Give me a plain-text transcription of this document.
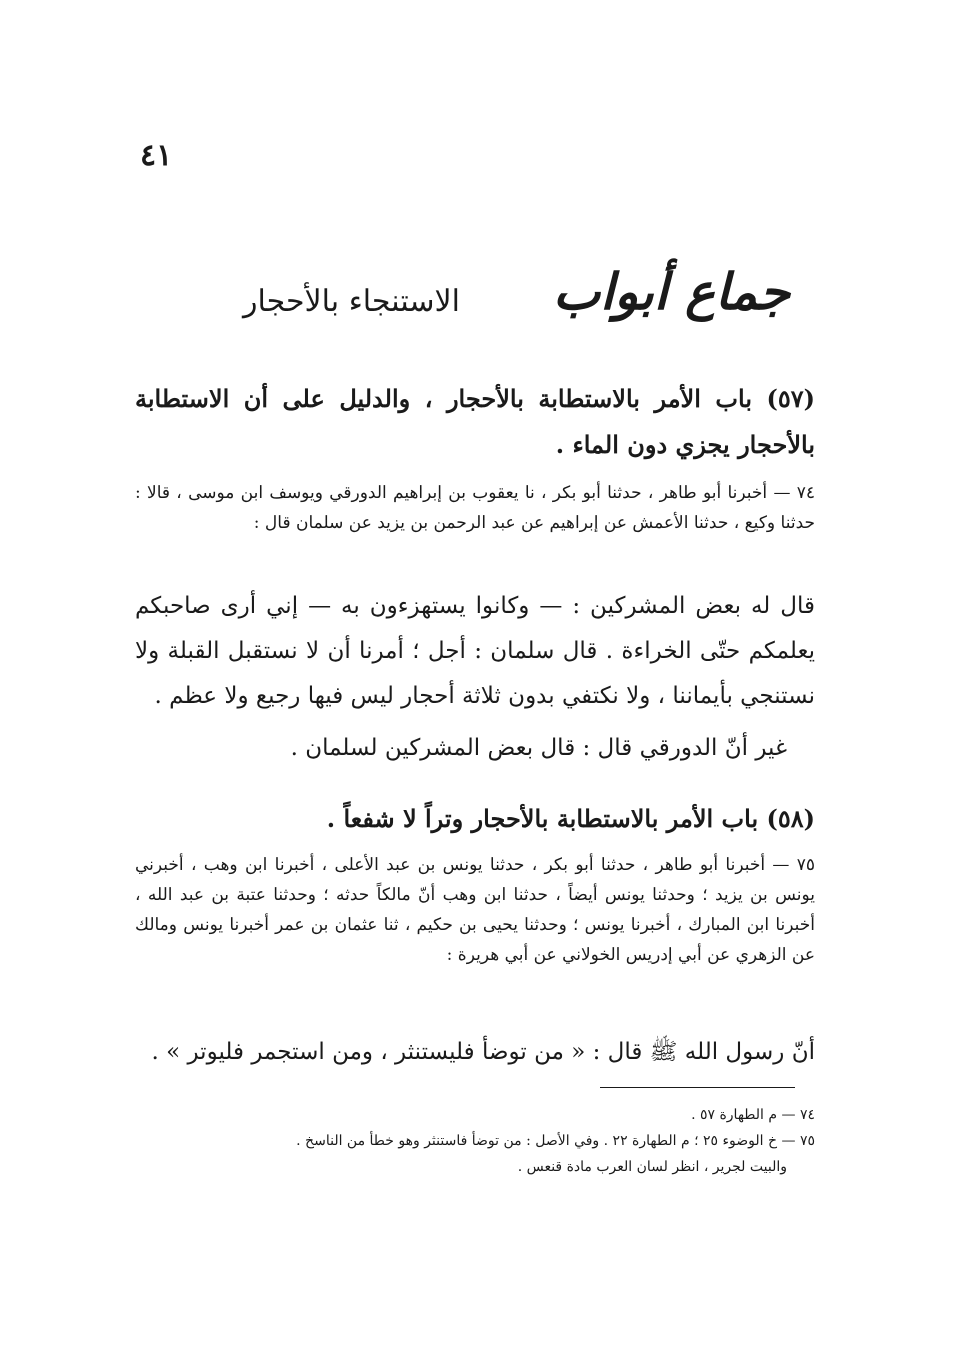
٤١
جماع أبواب
الاستنجاء بالأحجار
(٥٧) باب الأمر بالاستطابة بالأحجار ، والدليل على أن الاستطابة بالأحجار يجزي دون الماء .
٧٤ — أخبرنا أبو طاهر ، حدثنا أبو بكر ، نا يعقوب بن إبراهيم الدورقي ويوسف ابن موسى ، قالا : حدثنا وكيع ، حدثنا الأعمش عن إبراهيم عن عبد الرحمن بن يزيد عن سلمان قال :
قال له بعض المشركين : — وكانوا يستهزءون به — إني أرى صاحبكم يعلمكم حتّى الخراءة . قال سلمان : أجل ؛ أمرنا أن لا نستقبل القبلة ولا نستنجي بأيماننا ، ولا نكتفي بدون ثلاثة أحجار ليس فيها رجيع ولا عظم .
غير أنّ الدورقي قال : قال بعض المشركين لسلمان .
(٥٨) باب الأمر بالاستطابة بالأحجار وتراً لا شفعاً .
٧٥ — أخبرنا أبو طاهر ، حدثنا أبو بكر ، حدثنا يونس بن عبد الأعلى ، أخبرنا ابن وهب ، أخبرني يونس بن يزيد ؛ وحدثنا يونس أيضاً ، حدثنا ابن وهب أنّ مالكاً حدثه ؛ وحدثنا عتبة بن عبد الله ، أخبرنا ابن المبارك ، أخبرنا يونس ؛ وحدثنا يحيى بن حكيم ، ثنا عثمان بن عمر أخبرنا يونس ومالك عن الزهري عن أبي إدريس الخولاني عن أبي هريرة :
أنّ رسول الله ﷺ قال : « من توضأ فليستنثر ، ومن استجمر فليوتر » .
٧٤ — م الطهارة ٥٧ .
٧٥ — خ الوضوء ٢٥ ؛ م الطهارة ٢٢ . وفي الأصل : من توضأ فاستنثر وهو خطأ من الناسخ .
والبيت لجرير ، انظر لسان العرب مادة قنعس .
